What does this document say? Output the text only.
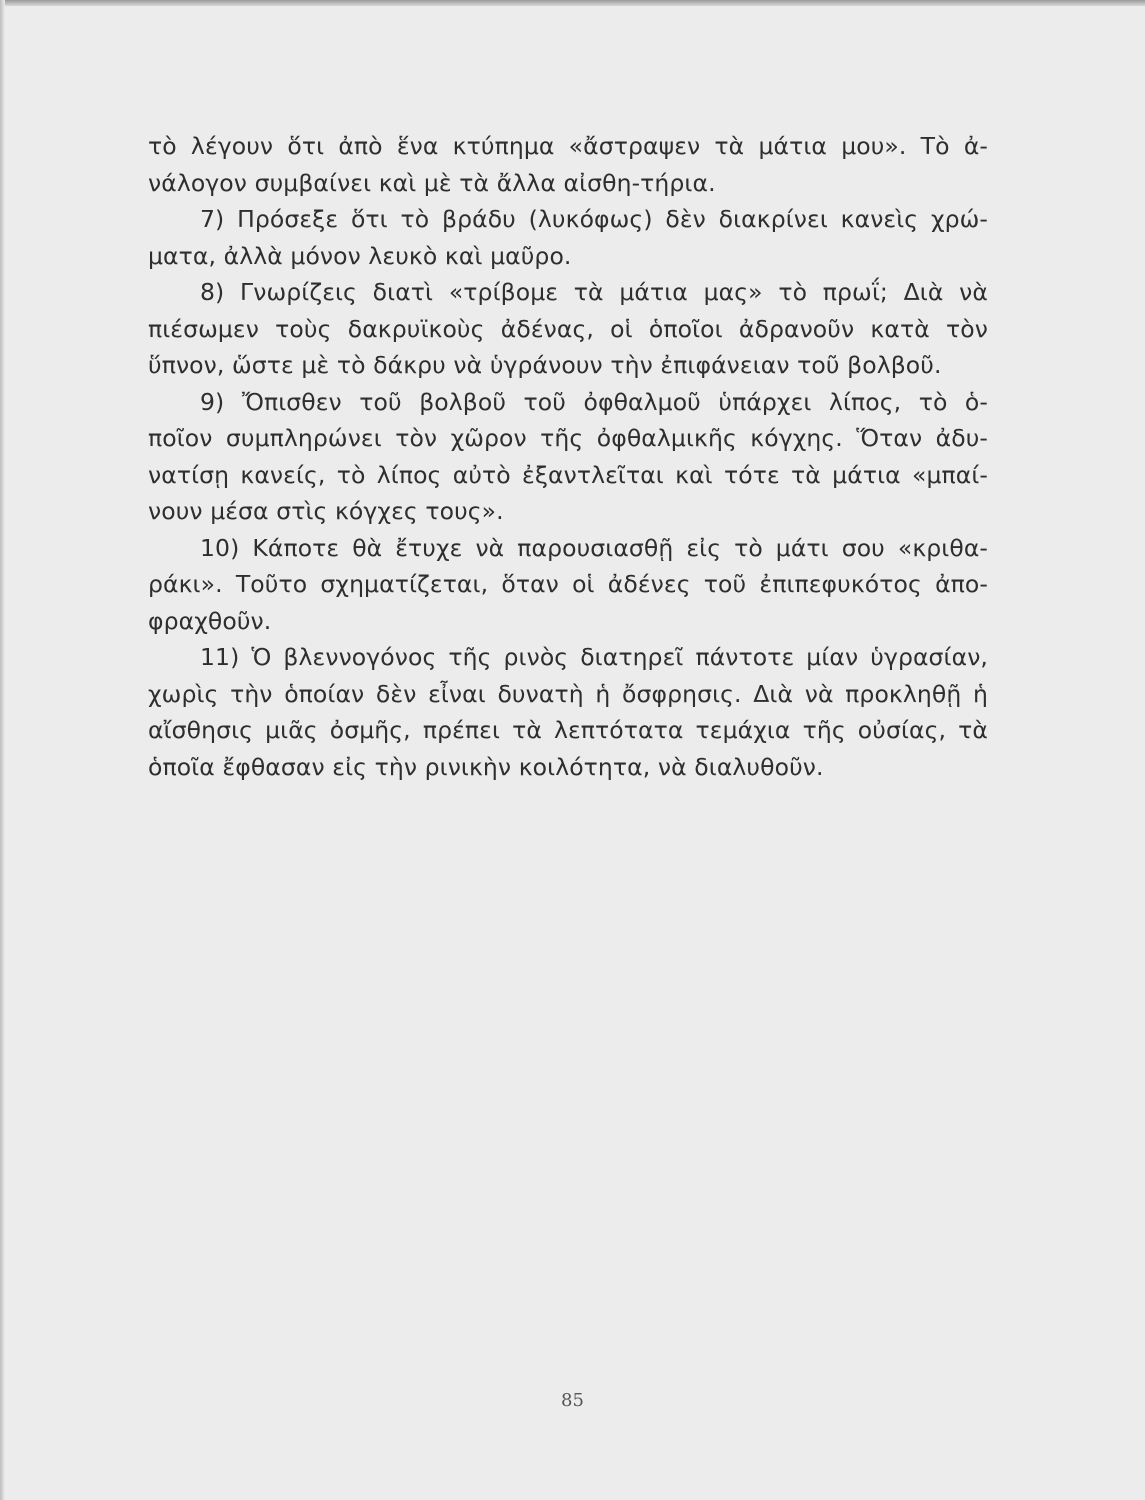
τὸ λέγουν ὅτι ἀπὸ ἕνα κτύπημα «ἄστραψεν τὰ μάτια μου». Τὸ ἀ-
νάλογον συμβαίνει καὶ μὲ τὰ ἄλλα αἰσθη-τήρια.
7) Πρόσεξε ὅτι τὸ βράδυ (λυκόφως) δὲν διακρίνει κανεὶς χρώ-
ματα, ἀλλὰ μόνον λευκὸ καὶ μαῦρο.
8) Γνωρίζεις διατὶ «τρίβομε τὰ μάτια μας» τὸ πρωΐ; Διὰ νὰ
πιέσωμεν τοὺς δακρυϊκοὺς ἀδένας, οἱ ὁποῖοι ἀδρανοῦν κατὰ τὸν
ὕπνον, ὥστε μὲ τὸ δάκρυ νὰ ὑγράνουν τὴν ἐπιφάνειαν τοῦ βολβοῦ.
9) Ὄπισθεν τοῦ βολβοῦ τοῦ ὀφθαλμοῦ ὑπάρχει λίπος, τὸ ὁ-
ποῖον συμπληρώνει τὸν χῶρον τῆς ὀφθαλμικῆς κόγχης. Ὅταν ἀδυ-
νατίσῃ κανείς, τὸ λίπος αὐτὸ ἐξαντλεῖται καὶ τότε τὰ μάτια «μπαί-
νουν μέσα στὶς κόγχες τους».
10) Κάποτε θὰ ἔτυχε νὰ παρουσιασθῇ εἰς τὸ μάτι σου «κριθα-
ράκι». Τοῦτο σχηματίζεται, ὅταν οἱ ἀδένες τοῦ ἐπιπεφυκότος ἀπο-
φραχθοῦν.
11) Ὁ βλεννογόνος τῆς ρινὸς διατηρεῖ πάντοτε μίαν ὑγρασίαν,
χωρὶς τὴν ὁποίαν δὲν εἶναι δυνατὴ ἡ ὄσφρησις. Διὰ νὰ προκληθῇ ἡ
αἴσθησις μιᾶς ὀσμῆς, πρέπει τὰ λεπτότατα τεμάχια τῆς οὐσίας, τὰ
ὁποῖα ἔφθασαν εἰς τὴν ρινικὴν κοιλότητα, νὰ διαλυθοῦν.
85
